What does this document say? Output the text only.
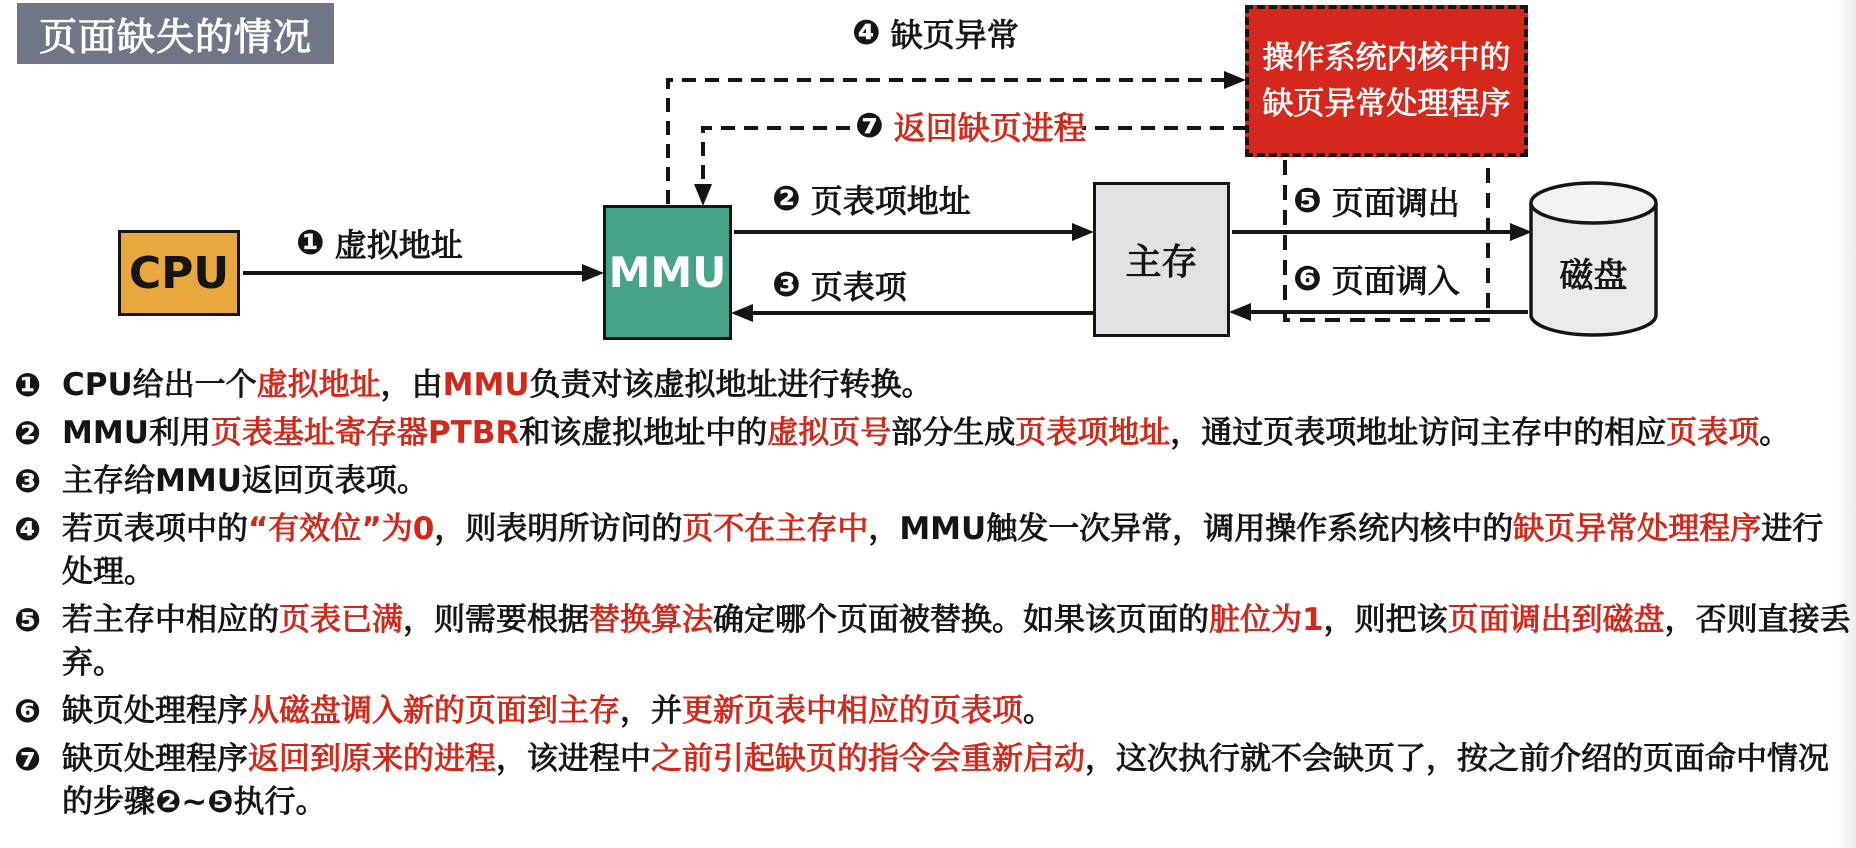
页面缺失的情况
CPU	MMU	主存	磁盘
操作系统内核中的
缺页异常处理程序
❶ 虚拟地址
❷ 页表项地址
❸ 页表项
❹ 缺页异常
❼ 返回缺页进程
❺ 页面调出
❻ 页面调入
❶ CPU给出一个虚拟地址，由MMU负责对该虚拟地址进行转换。
❷ MMU利用页表基址寄存器PTBR和该虚拟地址中的虚拟页号部分生成页表项地址，通过页表项地址访问主存中的相应页表项。
❸ 主存给MMU返回页表项。
❹ 若页表项中的“有效位”为0，则表明所访问的页不在主存中，MMU触发一次异常，调用操作系统内核中的缺页异常处理程序进行处理。
❺ 若主存中相应的页表已满，则需要根据替换算法确定哪个页面被替换。如果该页面的脏位为1，则把该页面调出到磁盘，否则直接丢弃。
❻ 缺页处理程序从磁盘调入新的页面到主存，并更新页表中相应的页表项。
❼ 缺页处理程序返回到原来的进程，该进程中之前引起缺页的指令会重新启动，这次执行就不会缺页了，按之前介绍的页面命中情况的步骤❷~❺执行。
